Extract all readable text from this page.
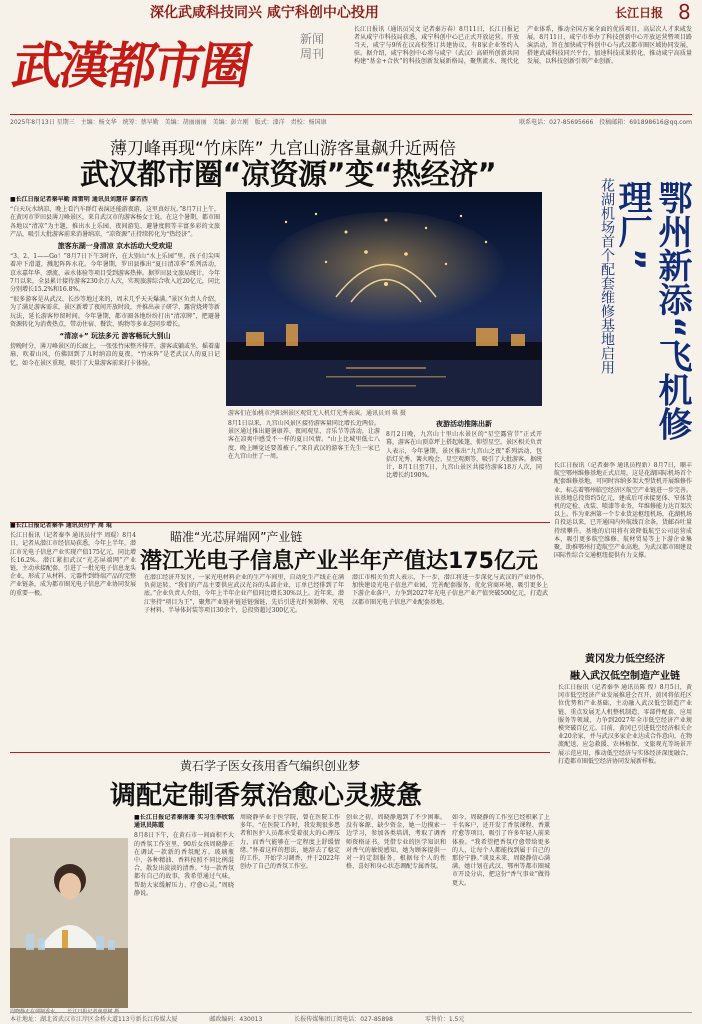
深化武咸科技同兴 咸宁科创中心投用	长江日报 8
武漢都市圈	新闻周刊
长江日报讯（通讯员吴文 记者秦方春）8月11日，长江日报记者从咸宁市科技局获悉，咸宁科创中心已正式开放运营。开放当天，咸宁与9所在汉高校签订共建协议，有8家企业签约入驻。据介绍，咸宁科创中心将与咸宁（武汉）高研所创新共同构建“基金+合伙”的科技创新发展新格局，聚焦流水、现代化产业体系，推动全国方案全面的优质项目，高层次人才来咸发展。8月11日，咸宁市举办了科技创新中心开放运营暨项目路演活动，旨在加快咸宁科创中心与武汉都市圈区域协同发展，搭建武咸科技同兴平台，加速科技成果转化，推动咸宁高质量发展，以科技创新引领产业创新。
2025年8月13日 星期三　主编：杨文华　统筹：蔡早勤　美编：胡丽丽丽　美编：彭立刚　版式：漆洋　责校：杨国康	联系电话：027-85695666　投稿邮箱：691898616@qq.com
薄刀峰再现“竹床阵” 九宫山游客量飙升近两倍
武汉都市圈“凉资源”变“热经济”
■长江日报记者秦早勤 商雷明 通讯员刘慧祥 廖若西
“白天玩水纳凉，晚上看汽车群灯表演还能游夜游，这里真好玩。”8月7日上午，在黄冈市罗田县薄刀峰景区，来自武汉市的游客杨女士说。在这个暑期，都市圈各地以“清凉”为主题，推出水上乐园、夜间游览、避暑度假等丰富多彩的文旅产品，吸引大批游客前来消暑纳凉，“凉资源”正持续转化为“热经济”。
旅客东湖一身清凉 京水活动大受欢迎
“3、2、1——Go！”8月7日下午3时许，在大别山“水上乐园”里，孩子们尖叫着冲下滑道，溅起阵阵水花。今年暑期，罗田县推出“夏日清凉季”系列活动，京水嘉年华、漂流、亲水体验等项目受到游客热捧。据罗田县文旅局统计，今年7月以来，全县累计接待游客230余万人次，实现旅游综合收入近20亿元，同比分别增长15.2%和16.8%。
“很多游客是从武汉、长沙等地过来的，周末几乎天天爆满。”景区负责人介绍，为了满足游客需求，景区新增了夜间开放时段，并推出亲子研学、露营烧烤等新玩法，延长游客停留时间。今年暑期，都市圈各地纷纷打出“清凉牌”，把避暑资源转化为消费热点，带动住宿、餐饮、购物等多业态同步增长。
“清凉+” 玩法多元 游客畅玩大别山
傍晚时分，薄刀峰景区的长廊上，一张张竹床整齐排开，游客或躺或坐，摇着蒲扇、吹着山风，仿佛回到了儿时纳凉的夏夜。“竹床阵”是老武汉人的夏日记忆，如今在景区重现，吸引了大量游客前来打卡体验。
游客们在仙桃市沔阳洲景区观赏无人机灯光秀表演。通讯员刘 琪 摄
8月1日以来，九宫山风景区接待游客量同比增长近两倍。景区通过推出避暑康养、夜间观星、音乐节等活动，让游客在凉爽中感受不一样的夏日风情。“山上比城里低七八度，晚上睡觉还要盖被子。”来自武汉的游客王先生一家已在九宫山住了一周。
夜游活动推陈出新
8月2日晚，九宫山十里山水景区的“星空露营节”正式开幕，游客在山顶草坪上搭起帐篷，仰望星空。景区相关负责人表示，今年暑期，景区推出“九宫山之夜”系列活动，包括灯光秀、篝火晚会、星空观测等，吸引了大批游客。据统计，8月1日至7日，九宫山景区共接待游客18万人次，同比增长约190%。
鄂州新添“飞机修理厂”
花湖机场首个配套维修基地启用
长江日报讯（记者秦李 通讯员程新）8月7日，顺丰航空鄂州维修基地正式启用，这是花湖国际机场首个配套维修基地，可同时容纳多架大型货机开展维修作业，标志着鄂州临空经济区航空产业链进一步完善。该基地总投资约5亿元，建成后可承接宽体、窄体货机的定检、改装、喷漆等业务，年维修能力达百架次以上。作为亚洲第一个专业货运枢纽机场，花湖机场自投运以来，已开通国内外航线百余条，货邮吞吐量持续攀升。基地的启用将有效降低航空公司运营成本，吸引更多航空维修、航材贸易等上下游企业集聚，助推鄂州打造航空产业高地，为武汉都市圈建设国际性综合交通枢纽提供有力支撑。
黄冈发力低空经济
融入武汉低空制造产业链
长江日报讯（记者秦李 通讯员陈 煌）8月5日，黄冈市低空经济产业发展推进会召开，黄冈将依托区位优势和产业基础，主动融入武汉低空制造产业链，重点发展无人机整机制造、零部件配套、应用服务等领域，力争到2027年全市低空经济产业规模突破百亿元。目前，黄冈已引进低空经济相关企业20余家，并与武汉多家企业达成合作意向，在物流配送、应急救援、农林植保、文旅观光等场景开展示范应用，推动低空经济与实体经济深度融合，打造都市圈低空经济协同发展新样板。
瞄准“光芯屏端网”产业链
潜江光电子信息产业半年产值达175亿元
■长江日报记者秦李 通讯员付宇 周 琨
长江日报讯（记者秦李 通讯员付宇 周琨）8月4日，记者从潜江市经信局获悉，今年上半年，潜江市光电子信息产业实现产值175亿元，同比增长16.2%。潜江紧扣武汉“光芯屏端网”产业链，主动承接配套，引进了一批光电子信息龙头企业，形成了从材料、元器件到终端产品的完整产业链条，成为都市圈光电子信息产业协同发展的重要一极。
在潜江经济开发区，一家光电材料企业的生产车间里，自动化生产线正在满负荷运转。“我们的产品主要供应武汉光谷的头部企业，订单已经排到了年底。”企业负责人介绍，今年上半年企业产值同比增长30%以上。近年来，潜江坚持“项目为王”，聚焦产业链补链延链强链，先后引进光纤预制棒、光电子材料、半导体封装等项目30余个，总投资超过300亿元。
潜江市相关负责人表示，下一步，潜江将进一步深化与武汉的产业协作，加快建设光电子信息产业园，完善配套服务，优化营商环境，吸引更多上下游企业落户，力争到2027年光电子信息产业产值突破500亿元，打造武汉都市圈光电子信息产业配套基地。
黄石学子医女孩用香气编织创业梦
调配定制香氛治愈心灵疲惫
■长江日报记者秦南珊 实习生李欣铭 通讯员陈霞
8月8日下午，在黄石市一间面积不大的香氛工作室里，90后女孩周晓静正在调试一款新的香氛配方。玻璃瓶中，各种精油、香料按照不同比例混合，散发出淡淡的清香。“每一款香氛都有自己的故事，我希望通过气味，帮助大家缓解压力、疗愈心灵。”周晓静说。
周晓静毕业于医学院，曾在医院工作多年。“在医院工作时，我发现很多患者和医护人员都承受着很大的心理压力，而香气能够在一定程度上舒缓情绪。”怀着这样的想法，她辞去了稳定的工作，开始学习调香，并于2022年创办了自己的香氛工作室。
创业之初，周晓静遇到了不少困难。没有客源、缺少资金，她一边摸索一边学习，参加各类培训，考取了调香师资格证书。凭借专业的医学知识和对香气的敏锐感知，她为顾客提供一对一的定制服务，根据每个人的性格、喜好和身心状态调配专属香氛。
如今，周晓静的工作室已经积累了上千名客户，还开发了香氛课程、香薰疗愈等项目，吸引了许多年轻人前来体验。“我希望把香氛疗愈带给更多的人，让每个人都能找到属于自己的那份宁静。”谈及未来，周晓静信心满满，她计划在武汉、鄂州等都市圈城市开设分店，把这份“香气事业”做得更大。
周晓静正在调制香水。　　长江日报记者南嘉树 摄
本社地址：湖北省武汉市江岸区金桥大道113号新长江传媒大厦	邮政编码：430013	长报传媒集团订阅电话：027-85898	零售价：1.5元
